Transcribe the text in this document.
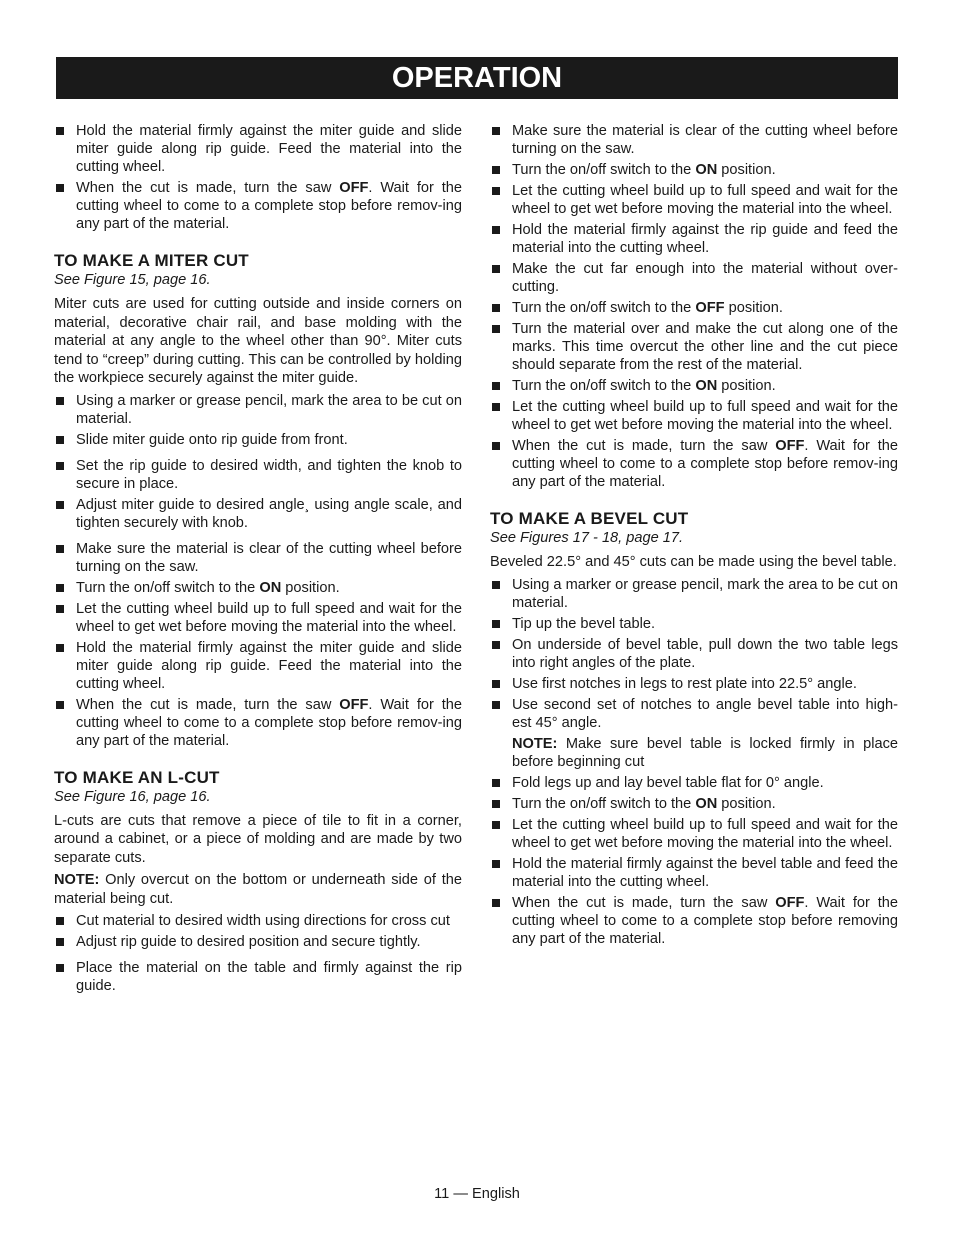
OPERATION
Hold the material firmly against the miter guide and slide miter guide along rip guide. Feed the material into the cutting wheel.
When the cut is made, turn the saw OFF. Wait for the cutting wheel to come to a complete stop before remov-ing any part of the material.
TO MAKE A MITER CUT
See Figure 15, page 16.

Miter cuts are used for cutting outside and inside corners on material, decorative chair rail, and base molding with the material at any angle to the wheel other than 90°. Miter cuts tend to “creep” during cutting. This can be controlled by holding the workpiece securely against the miter guide.

Using a marker or grease pencil, mark the area to be cut on material.
Slide miter guide onto rip guide from front.
Set the rip guide to desired width, and tighten the knob to secure in place.
Adjust miter guide to desired angle¸ using angle scale, and tighten securely with knob.
Make sure the material is clear of the cutting wheel before turning on the saw.
Turn the on/off switch to the ON position.
Let the cutting wheel build up to full speed and wait for the wheel to get wet before moving the material into the wheel.
Hold the material firmly against the miter guide and slide miter guide along rip guide. Feed the material into the cutting wheel.
When the cut is made, turn the saw OFF. Wait for the cutting wheel to come to a complete stop before remov-ing any part of the material.
TO MAKE AN L-CUT
See Figure 16, page 16.

L-cuts are cuts that remove a piece of tile to fit in a corner, around a cabinet, or a piece of molding and are made by two separate cuts.

NOTE: Only overcut on the bottom or underneath side of the material being cut.

Cut material to desired width using directions for cross cut
Adjust rip guide to desired position and secure tightly.
Place the material on the table and firmly against the rip guide.
Make sure the material is clear of the cutting wheel before turning on the saw.
Turn the on/off switch to the ON position.
Let the cutting wheel build up to full speed and wait for the wheel to get wet before moving the material into the wheel.
Hold the material firmly against the rip guide and feed the material into the cutting wheel.
Make the cut far enough into the material without over-cutting.
Turn the on/off switch to the OFF position.
Turn the material over and make the cut along one of the marks. This time overcut the other line and the cut piece should separate from the rest of the material.
Turn the on/off switch to the ON position.
Let the cutting wheel build up to full speed and wait for the wheel to get wet before moving the material into the wheel.
When the cut is made, turn the saw OFF. Wait for the cutting wheel to come to a complete stop before remov-ing any part of the material.
TO MAKE A BEVEL CUT
See Figures 17 - 18, page 17.

Beveled 22.5° and 45° cuts can be made using the bevel table.

Using a marker or grease pencil, mark the area to be cut on material.
Tip up the bevel table.
On underside of bevel table, pull down the two table legs into right angles of the plate.
Use first notches in legs to rest plate into 22.5° angle.
Use second set of notches to angle bevel table into high-est 45° angle.
NOTE: Make sure bevel table is locked firmly in place before beginning cut
Fold legs up and lay bevel table flat for 0° angle.
Turn the on/off switch to the ON position.
Let the cutting wheel build up to full speed and wait for the wheel to get wet before moving the material into the wheel.
Hold the material firmly against the bevel table and feed the material into the cutting wheel.
When the cut is made, turn the saw OFF. Wait for the cutting wheel to come to a complete stop before removing any part of the material.
11 — English
